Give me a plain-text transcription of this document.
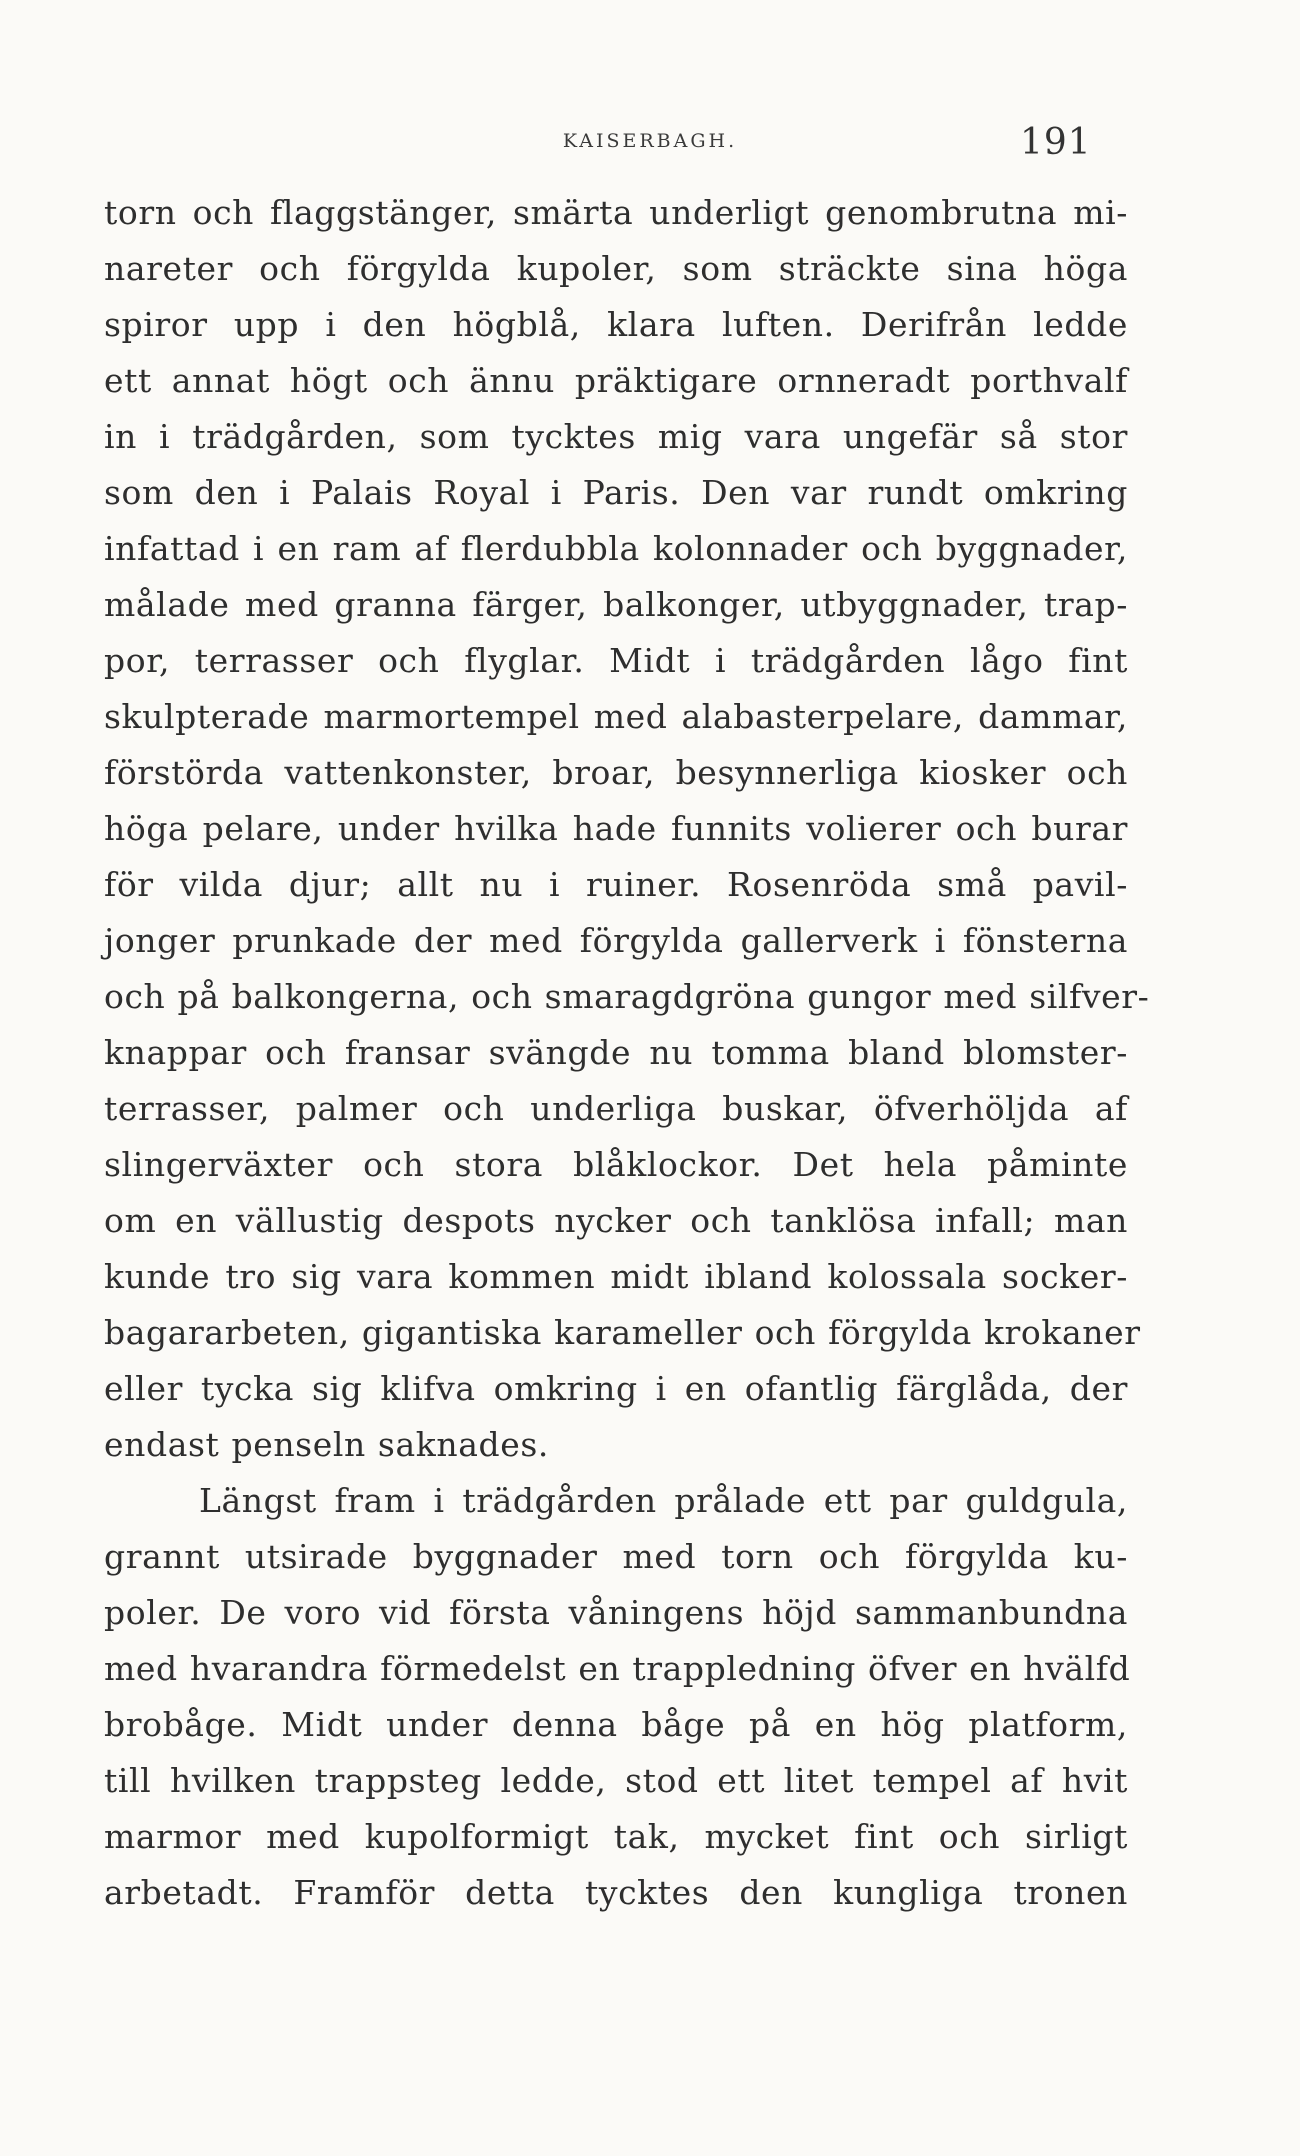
KAISERBAGH.	191
torn och flaggstänger, smärta underligt genombrutna mi-
nareter och förgylda kupoler, som sträckte sina höga
spiror upp i den högblå, klara luften. Derifrån ledde
ett annat högt och ännu präktigare ornneradt porthvalf
in i trädgården, som tycktes mig vara ungefär så stor
som den i Palais Royal i Paris. Den var rundt omkring
infattad i en ram af flerdubbla kolonnader och byggnader,
målade med granna färger, balkonger, utbyggnader, trap-
por, terrasser och flyglar. Midt i trädgården lågo fint
skulpterade marmortempel med alabasterpelare, dammar,
förstörda vattenkonster, broar, besynnerliga kiosker och
höga pelare, under hvilka hade funnits volierer och burar
för vilda djur; allt nu i ruiner. Rosenröda små pavil-
jonger prunkade der med förgylda gallerverk i fönsterna
och på balkongerna, och smaragdgröna gungor med silfver-
knappar och fransar svängde nu tomma bland blomster-
terrasser, palmer och underliga buskar, öfverhöljda af
slingerväxter och stora blåklockor. Det hela påminte
om en vällustig despots nycker och tanklösa infall; man
kunde tro sig vara kommen midt ibland kolossala socker-
bagararbeten, gigantiska karameller och förgylda krokaner
eller tycka sig klifva omkring i en ofantlig färglåda, der
endast penseln saknades.
Längst fram i trädgården prålade ett par guldgula,
grannt utsirade byggnader med torn och förgylda ku-
poler. De voro vid första våningens höjd sammanbundna
med hvarandra förmedelst en trappledning öfver en hvälfd
brobåge. Midt under denna båge på en hög platform,
till hvilken trappsteg ledde, stod ett litet tempel af hvit
marmor med kupolformigt tak, mycket fint och sirligt
arbetadt. Framför detta tycktes den kungliga tronen
